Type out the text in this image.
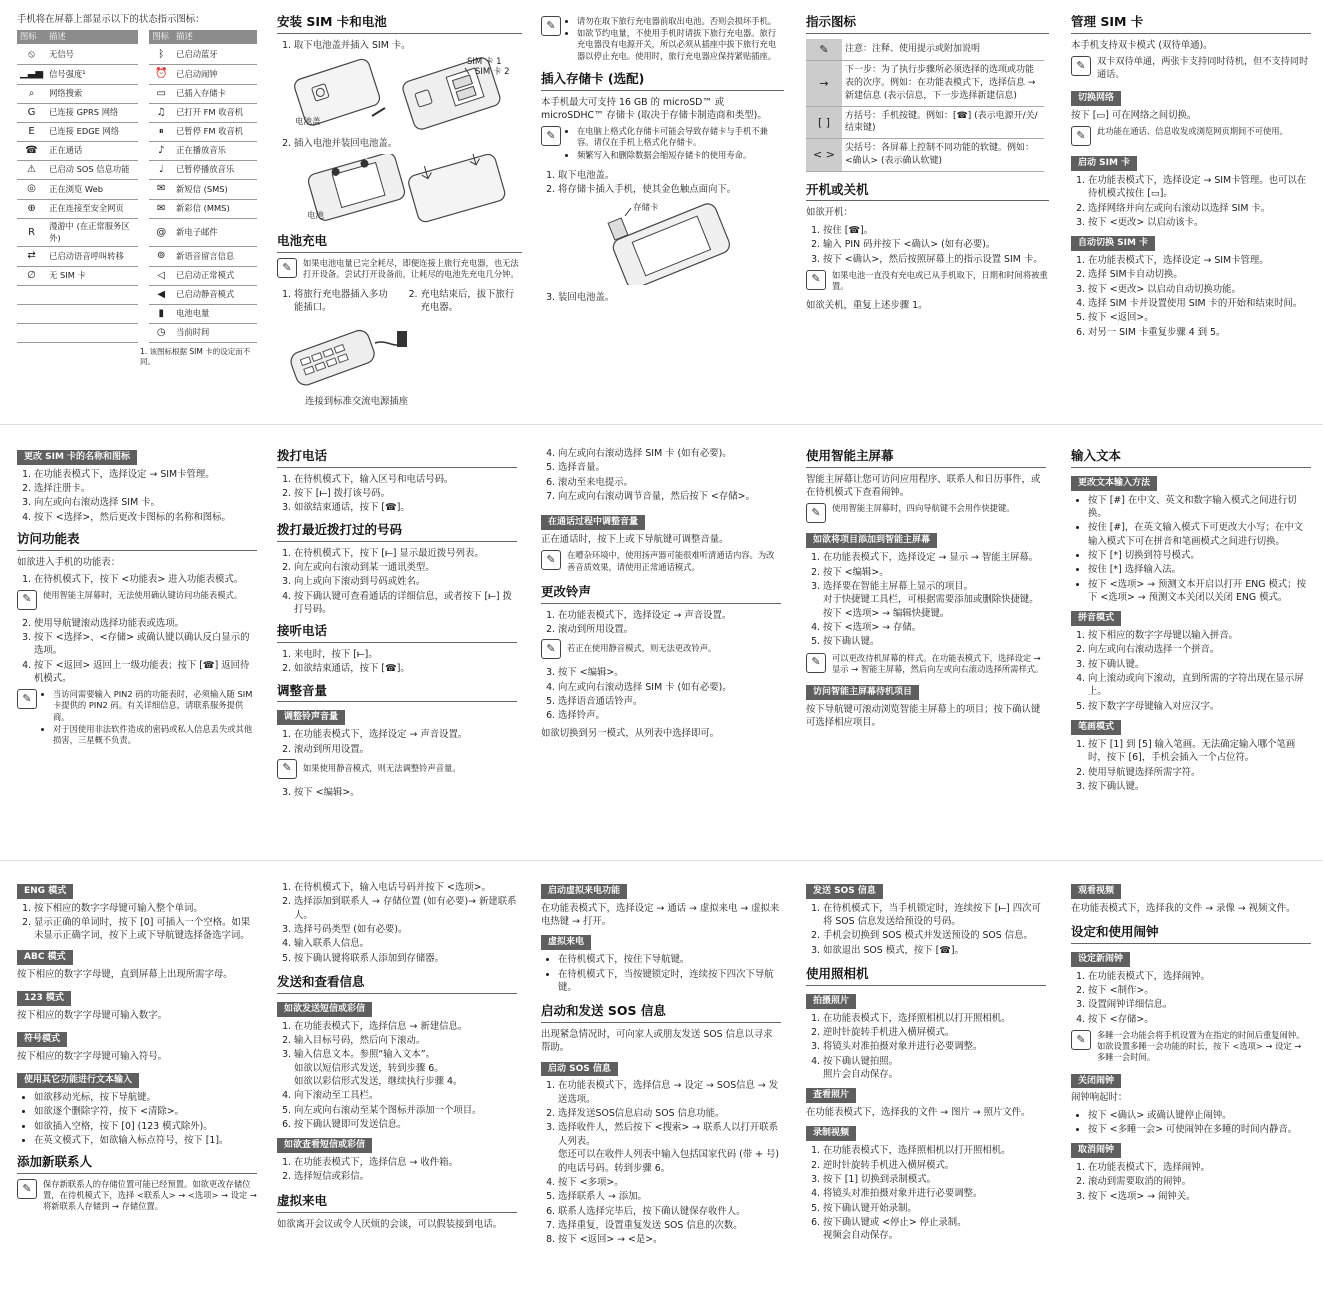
手机将在屏幕上部显示以下的状态指示图标：

图标	描述		图标	描述
⦸	无信号		ᛒ	已启动蓝牙
▁▃▅	信号强度¹		⏰	已启动闹钟
⌕	网络搜索		▭	已插入存储卡
G	已连接 GPRS 网络		♫	已打开 FM 收音机
E	已连接 EDGE 网络		⏸	已暂停 FM 收音机
☎	正在通话		♪	正在播放音乐
⚠	已启动 SOS 信息功能		♩	已暂停播放音乐
◎	正在浏览 Web		✉	新短信 (SMS)
⊕	正在连接至安全网页		✉	新彩信 (MMS)
R	漫游中 (在正常服务区外)		@	新电子邮件
⇄	已启动语音呼叫转移		⊚	新语音留言信息
∅	无 SIM 卡		◁	已启动正常模式
			◀	已启动静音模式
			▮	电池电量
			◷	当前时间

1. 该图标根据 SIM 卡的设定而不同。

安装 SIM 卡和电池
1. 取下电池盖并插入 SIM 卡。
SIM 卡 1
SIM 卡 2
电池盖
2. 插入电池并装回电池盖。
1	2
电池
电池充电
✎	如果电池电量已完全耗尽，即便连接上旅行充电器，也无法打开设备。尝试打开设备前，让耗尽的电池先充电几分钟。
1. 将旅行充电器插入多功能插口。
2. 充电结束后，拔下旅行充电器。

连接到标准交流电源插座

✎	• 请勿在取下旅行充电器前取出电池。否则会损坏手机。
• 如欲节约电量，不使用手机时请拔下旅行充电器。旅行充电器没有电源开关，所以必须从插座中拔下旅行充电器以停止充电。使用时，旅行充电器应保持紧贴插座。
插入存储卡 (选配)

本手机最大可支持 16 GB 的 microSD™ 或 microSDHC™ 存储卡 (取决于存储卡制造商和类型)。

✎	• 在电脑上格式化存储卡可能会导致存储卡与手机不兼容。请仅在手机上格式化存储卡。
• 频繁写入和删除数据会缩短存储卡的使用寿命。
1. 取下电池盖。
2. 将存储卡插入手机，使其金色触点面向下。
存储卡
3. 装回电池盖。
指示图标
✎	注意：注释、使用提示或附加说明
→	下一步：为了执行步骤所必须选择的选项或功能表的次序。例如：在功能表模式下，选择信息 → 新建信息 (表示信息，下一步选择新建信息)
[ ]	方括号：手机按键。例如：[☎] (表示电源开/关/结束键)
< >	尖括号：各屏幕上控制不同功能的软键。例如：<确认> (表示确认软键)
开机或关机

如欲开机：

1. 按住 [☎]。
2. 输入 PIN 码并按下 <确认> (如有必要)。
3. 按下 <确认>，然后按照屏幕上的指示设置 SIM 卡。
✎	如果电池一直没有充电或已从手机取下，日期和时间将被重置。

如欲关机，重复上述步骤 1。

管理 SIM 卡

本手机支持双卡模式 (双待单通)。

✎	双卡双待单通，两张卡支持同时待机，但不支持同时通话。
切换网络

按下 [▭] 可在网络之间切换。

✎	此功能在通话、信息收发或浏览网页期间不可使用。
启动 SIM 卡
1. 在功能表模式下，选择设定 → SIM卡管理。也可以在待机模式按住 [▭]。
2. 选择网络并向左或向右滚动以选择 SIM 卡。
3. 按下 <更改> 以启动该卡。
自动切换 SIM 卡
1. 在功能表模式下，选择设定 → SIM卡管理。
2. 选择 SIM卡自动切换。
3. 按下 <更改> 以启动自动切换功能。
4. 选择 SIM 卡并设置使用 SIM 卡的开始和结束时间。
5. 按下 <返回>。
6. 对另一 SIM 卡重复步骤 4 到 5。
更改 SIM 卡的名称和图标
1. 在功能表模式下，选择设定 → SIM卡管理。
2. 选择注册卡。
3. 向左或向右滚动选择 SIM 卡。
4. 按下 <选择>，然后更改卡图标的名称和图标。
访问功能表

如欲进入手机的功能表：

1. 在待机模式下，按下 <功能表> 进入功能表模式。
✎	使用智能主屏幕时，无法使用确认键访问功能表模式。
2. 使用导航键滚动选择功能表或选项。
3. 按下 <选择>、<存储> 或确认键以确认反白显示的选项。
4. 按下 <返回> 返回上一级功能表；按下 [☎] 返回待机模式。
✎	• 当访问需要输入 PIN2 码的功能表时，必须输入随 SIM 卡提供的 PIN2 码。有关详细信息，请联系服务提供商。
• 对于因使用非法软件造成的密码或私人信息丢失或其他损害，三星概不负责。
拨打电话
1. 在待机模式下，输入区号和电话号码。
2. 按下 [⟝] 拨打该号码。
3. 如欲结束通话，按下 [☎]。
拨打最近拨打过的号码
1. 在待机模式下，按下 [⟝] 显示最近拨号列表。
2. 向左或向右滚动到某一通讯类型。
3. 向上或向下滚动到号码或姓名。
4. 按下确认键可查看通话的详细信息，或者按下 [⟝] 拨打号码。
接听电话
1. 来电时，按下 [⟝]。
2. 如欲结束通话，按下 [☎]。
调整音量
调整铃声音量
1. 在功能表模式下，选择设定 → 声音设置。
2. 滚动到所用设置。
✎	如果使用静音模式，则无法调整铃声音量。
3. 按下 <编辑>。
4. 向左或向右滚动选择 SIM 卡 (如有必要)。
5. 选择音量。
6. 滚动至来电提示。
7. 向左或向右滚动调节音量，然后按下 <存储>。
在通话过程中调整音量

正在通话时，按下上或下导航键可调整音量。

✎	在嘈杂环境中，使用扬声器可能很难听清通话内容。为改善音质效果，请使用正常通话模式。
更改铃声
1. 在功能表模式下，选择设定 → 声音设置。
2. 滚动到所用设置。
✎	若正在使用静音模式，则无法更改铃声。
3. 按下 <编辑>。
4. 向左或向右滚动选择 SIM 卡 (如有必要)。
5. 选择语音通话铃声。
6. 选择铃声。

如欲切换到另一模式，从列表中选择即可。

使用智能主屏幕

智能主屏幕让您可访问应用程序、联系人和日历事件，或在待机模式下查看闹钟。

✎	使用智能主屏幕时，四向导航键不会用作快捷键。
如欲将项目添加到智能主屏幕
1. 在功能表模式下，选择设定 → 显示 → 智能主屏幕。
2. 按下 <编辑>。
3. 选择要在智能主屏幕上显示的项目。
对于快捷键工具栏，可根据需要添加或删除快捷键。按下 <选项> → 编辑快捷键。
4. 按下 <选项> → 存储。
5. 按下确认键。
✎	可以更改待机屏幕的样式。在功能表模式下，选择设定 → 显示 → 智能主屏幕，然后向左或向右滚动选择所需样式。
访问智能主屏幕待机项目

按下导航键可滚动浏览智能主屏幕上的项目；按下确认键可选择相应项目。

输入文本
更改文本输入方法
• 按下 [#] 在中文、英文和数字输入模式之间进行切换。
• 按住 [#]，在英文输入模式下可更改大小写；在中文输入模式下可在拼音和笔画模式之间进行切换。
• 按下 [*] 切换到符号模式。
• 按住 [*] 选择输入法。
• 按下 <选项> → 预测文本开启以打开 ENG 模式；按下 <选项> → 预测文本关闭以关闭 ENG 模式。
拼音模式
1. 按下相应的数字字母键以输入拼音。
2. 向左或向右滚动选择一个拼音。
3. 按下确认键。
4. 向上滚动或向下滚动，直到所需的字符出现在显示屏上。
5. 按下数字字母键输入对应汉字。
笔画模式
1. 按下 [1] 到 [5] 输入笔画。无法确定输入哪个笔画时，按下 [6]，手机会插入一个占位符。
2. 使用导航键选择所需字符。
3. 按下确认键。
ENG 模式
1. 按下相应的数字字母键可输入整个单词。
2. 显示正确的单词时，按下 [0] 可插入一个空格。如果未显示正确字词，按下上或下导航键选择备选字词。
ABC 模式

按下相应的数字字母键，直到屏幕上出现所需字母。

123 模式

按下相应的数字字母键可输入数字。

符号模式

按下相应的数字字母键可输入符号。

使用其它功能进行文本输入
• 如欲移动光标，按下导航键。
• 如欲逐个删除字符，按下 <清除>。
• 如欲插入空格，按下 [0] (123 模式除外)。
• 在英文模式下，如欲输入标点符号，按下 [1]。
添加新联系人
✎	保存新联系人的存储位置可能已经预置。如欲更改存储位置，在待机模式下，选择 <联系人> → <选项> → 设定 → 将新联系人存储到 → 存储位置。
1. 在待机模式下，输入电话号码并按下 <选项>。
2. 选择添加到联系人 → 存储位置 (如有必要)→ 新建联系人。
3. 选择号码类型 (如有必要)。
4. 输入联系人信息。
5. 按下确认键将联系人添加到存储器。
发送和查看信息
如欲发送短信或彩信
1. 在功能表模式下，选择信息 → 新建信息。
2. 输入目标号码，然后向下滚动。
3. 输入信息文本。参照“输入文本”。
如欲以短信形式发送，转到步骤 6。
如欲以彩信形式发送，继续执行步骤 4。
4. 向下滚动至工具栏。
5. 向左或向右滚动至某个图标并添加一个项目。
6. 按下确认键即可发送信息。
如欲查看短信或彩信
1. 在功能表模式下，选择信息 → 收件箱。
2. 选择短信或彩信。
虚拟来电

如欲离开会议或令人厌烦的会谈，可以假装接到电话。

启动虚拟来电功能

在功能表模式下，选择设定 → 通话 → 虚拟来电 → 虚拟来电热键 → 打开。

虚拟来电
• 在待机模式下，按住下导航键。
• 在待机模式下，当按键锁定时，连续按下四次下导航键。
启动和发送 SOS 信息

出现紧急情况时，可向家人或朋友发送 SOS 信息以寻求帮助。

启动 SOS 信息
1. 在功能表模式下，选择信息 → 设定 → SOS信息 → 发送选项。
2. 选择发送SOS信息启动 SOS 信息功能。
3. 选择收件人，然后按下 <搜索> → 联系人以打开联系人列表。
您还可以在收件人列表中输入包括国家代码 (带 + 号) 的电话号码。转到步骤 6。
4. 按下 <多项>。
5. 选择联系人 → 添加。
6. 联系人选择完毕后，按下确认键保存收件人。
7. 选择重复，设置重复发送 SOS 信息的次数。
8. 按下 <返回> → <是>。
发送 SOS 信息
1. 在待机模式下，当手机锁定时，连续按下 [⟝] 四次可将 SOS 信息发送给预设的号码。
2. 手机会切换到 SOS 模式并发送预设的 SOS 信息。
3. 如欲退出 SOS 模式，按下 [☎]。
使用照相机
拍摄照片
1. 在功能表模式下，选择照相机以打开照相机。
2. 逆时针旋转手机进入横屏模式。
3. 将镜头对准拍摄对象并进行必要调整。
4. 按下确认键拍照。
照片会自动保存。
查看照片

在功能表模式下，选择我的文件 → 图片 → 照片文件。

录制视频
1. 在功能表模式下，选择照相机以打开照相机。
2. 逆时针旋转手机进入横屏模式。
3. 按下 [1] 切换到录制模式。
4. 将镜头对准拍摄对象并进行必要调整。
5. 按下确认键开始录制。
6. 按下确认键或 <停止> 停止录制。
视频会自动保存。
观看视频

在功能表模式下，选择我的文件 → 录像 → 视频文件。

设定和使用闹钟
设定新闹钟
1. 在功能表模式下，选择闹钟。
2. 按下 <制作>。
3. 设置闹钟详细信息。
4. 按下 <存储>。
✎	多睡一会功能会将手机设置为在指定的时间后重复闹钟。如欲设置多睡一会功能的时长，按下 <选项> → 设定 → 多睡一会时间。
关闭闹钟

闹钟响起时：

• 按下 <确认> 或确认键停止闹钟。
• 按下 <多睡一会> 可使闹钟在多睡的时间内静音。
取消闹钟
1. 在功能表模式下，选择闹钟。
2. 滚动到需要取消的闹钟。
3. 按下 <选项> → 闹钟关。
